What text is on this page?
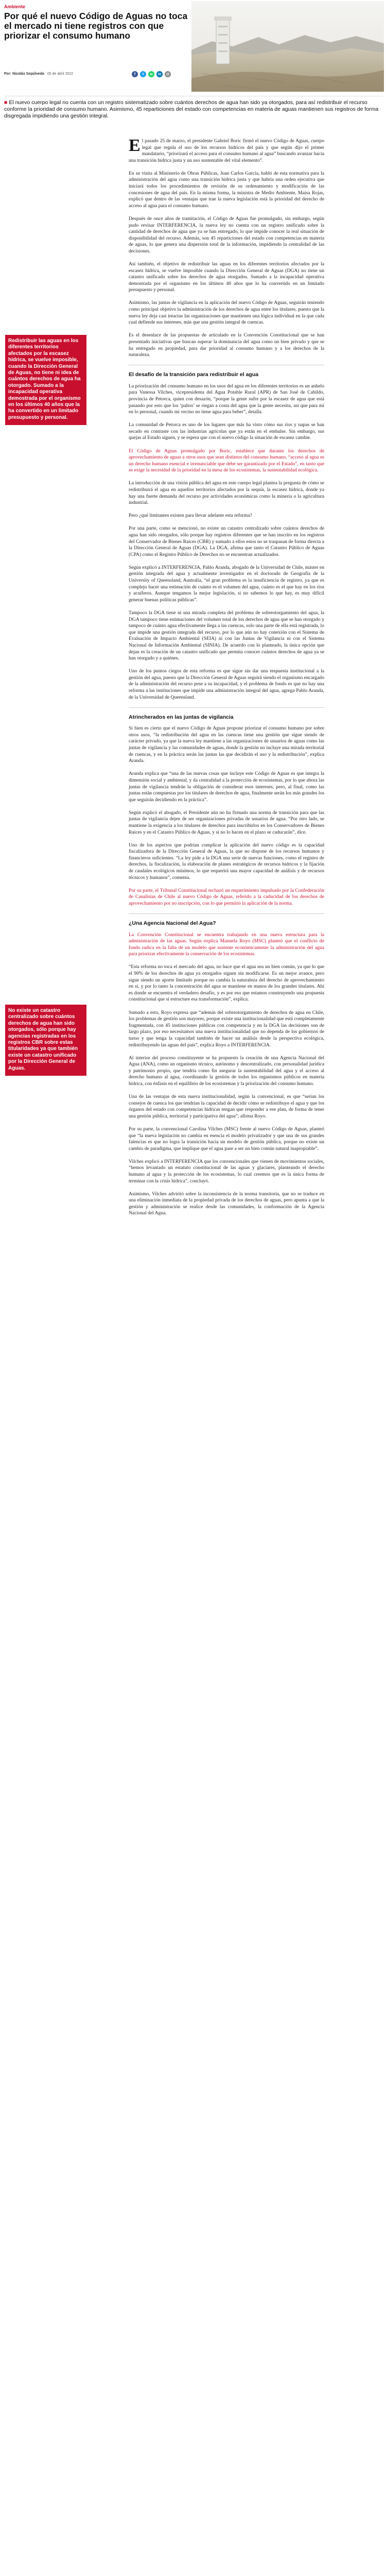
Ambiente
Por qué el nuevo Código de Aguas no toca el mercado ni tiene registros con que priorizar el consumo humano
Por: Nicolás Sepúlveda 05 de abril 2022	f	t	w	in	@
■ El nuevo cuerpo legal no cuenta con un registro sistematizado sobre cuántos derechos de agua han sido ya otorgados, para así redistribuir el recurso conforme la prioridad de consumo humano. Asimismo, 45 reparticiones del estado con competencias en materia de aguas mantienen sus registros de forma disgregada impidiendo una gestión integral.
Redistribuir las aguas en los diferentes territorios afectados por la escasez hídrica, se vuelve imposible, cuando la Dirección General de Aguas, no tiene ni idea de cuántos derechos de agua ha otorgado. Sumado a la incapacidad operativa demostrada por el organismo en los últimos 40 años que la ha convertido en un limitado presupuesto y personal.
No existe un catastro centralizado sobre cuántos derechos de agua han sido otorgados, sólo porque hay agencias registradas en los registros CBR sobre estas titularidades ya que también existe un catastro unificado por la Dirección General de Aguas.

El pasado 25 de marzo, el presidente Gabriel Boric firmó el nuevo Código de Aguas, cuerpo legal que regula el uso de los recursos hídricos del país y que según dijo el primer mandatario, “priorizará el acceso para el consumo humano al agua” buscando avanzar hacia una transición hídrica justa y un uso sustentable del vital elemento”.

En su visita al Ministerio de Obras Públicas, Juan Carlos García, habló de esta normativa para la administración del agua como una transición hídrica justa y que habría una orden ejecutiva que iniciará todos los procedimientos de revisión de su ordenamiento y modificación de las concesiones de agua del país. En la misma forma, la ministra de Medio Ambiente, Maisa Rojas, explicó que dentro de las ventajas que trae la nueva legislación está la prioridad del derecho de acceso al agua para el consumo humano.

Después de once años de tramitación, el Código de Aguas fue promulgado, sin embargo, según pudo revisar INTERFERENCIA, la nueva ley no cuenta con un registro unificado sobre la cantidad de derechos de agua que ya se han entregado, lo que impide conocer la real situación de disponibilidad del recurso. Además, son 45 reparticiones del estado con competencias en materia de aguas, lo que genera una dispersión total de la información, impidiendo la centralidad de las decisiones.

Así también, el objetivo de redistribuir las aguas en los diferentes territorios afectados por la escasez hídrica, se vuelve imposible cuando la Dirección General de Aguas (DGA) no tiene un catastro unificado sobre los derechos de agua otorgados. Sumado a la incapacidad operativa demostrada por el organismo en los últimos 40 años que lo ha convertido en un limitado presupuesto y personal.

Asimismo, las juntas de vigilancia en la aplicación del nuevo Código de Aguas, seguirán teniendo como principal objetivo la administración de los derechos de agua entre los titulares, puesto que la nueva ley deja casi intactas las organizaciones que mantienen una lógica individual en la que cada cual defiende sus intereses, más que una gestión integral de cuencas.

Es el desenlace de las propuestas de articulado en la Convención Constitucional que se han presentado iniciativas que buscan superar la dominancia del agua como un bien privado y que se ha entregado en propiedad, para dar prioridad al consumo humano y a los derechos de la naturaleza.

El desafío de la transición para redistribuir el agua

La priorización del consumo humano en los usos del agua en los diferentes territorios es un anhelo para Vanessa Vilches, vicepresidenta del Agua Potable Rural (APR) de San José de Cabildo, provincia de Petorca, quien con desazón, “porque la gente sufre por la escasez de agua que está pasando por esto que los ‘paltos’ se riegan a costa del agua que la gente necesita, así que para mí en lo personal, cuando mi vecino no tiene agua para beber”, detalla.

La comunidad de Petorca es uno de los lugares que más ha visto cómo sus ríos y napas se han secado en contraste con las industrias agrícolas que ya están en el embalse. Sin embargo, sus quejas al Estado siguen, y se espera que con el nuevo código la situación de escasez cambie.

El Código de Aguas promulgado por Boric, establece que durante los derechos de aprovechamiento de aguas a otros usos que sean distintos del consumo humano, “acceso al agua es un derecho humano esencial e irrenunciable que debe ser garantizado por el Estado”, en tanto que se exige la necesidad de la prioridad en la mesa de los ecosistemas, la sustentabilidad ecológica.

La introducción de una visión pública del agua en este cuerpo legal plantea la pregunta de cómo se redistribuirá el agua en aquellos territorios afectados por la sequía, la escasez hídrica, donde ya hay una fuerte demanda del recurso por actividades económicas como la minería o la agricultura industrial.

Pero ¿qué limitantes existen para llevar adelante esta reforma?

Por una parte, como se mencionó, no existe un catastro centralizado sobre cuántos derechos de agua han sido otorgados, sólo porque hay registros diferentes que se han inscrito en los registros del Conservador de Bienes Raíces (CBR) y sumado a ellos estos no se traspasan de forma directa a la Dirección General de Aguas (DGA). La DGA, afirma que tanto el Catastro Público de Aguas (CPA) como el Registro Público de Derechos no se encuentran actualizados.

Según explicó a INTERFERENCIA, Pablo Aranda, abogado de la Universidad de Chile, máster en gestión integrada del agua y actualmente investigador en el doctorado de Geografía de la University of Queensland, Australia, “el gran problema es la insuficiencia de registro, ya que es complejo hacer una estimación de cuánto es el volumen del agua, cuánto es el que hay en los ríos y acuíferos. Aunque tengamos la mejor legislación, si no sabemos lo que hay, es muy difícil generar buenas políticas públicas”.

Tampoco la DGA tiene ni una mirada completa del problema de sobreotorgamiento del agua, la DGA tampoco tiene estimaciones del volumen total de los derechos de agua que se han otorgado y tampoco de cuánto agua efectivamente llega a las cuencas, solo una parte de ella está registrada, lo que impide una gestión integrada del recurso, por lo que aún no hay conexión con el Sistema de Evaluación de Impacto Ambiental (SEIA) ni con las Juntas de Vigilancia ni con el Sistema Nacional de Información Ambiental (SINIA). De acuerdo con lo planteado, la única opción que dejan es la creación de un catastro unificado que permita conocer cuántos derechos de agua ya se han otorgado y a quiénes.

Uno de los puntos ciegos de esta reforma es que sigue sin dar una respuesta institucional a la gestión del agua, puesto que la Dirección General de Aguas seguirá siendo el organismo encargado de la administración del recurso pese a su incapacidad, y el problema de fondo es que no hay una reforma a las instituciones que impide una administración integral del agua, agrega Pablo Aranda, de la Universidad de Queensland.

Atrincherados en las juntas de vigilancia

Si bien es cierto que el nuevo Código de Aguas propone priorizar el consumo humano por sobre otros usos, “la redistribución del agua en las cuencas tiene una gestión que sigue siendo de carácter privado, ya que la nueva ley mantiene a las organizaciones de usuarios de aguas como las juntas de vigilancia y las comunidades de aguas, donde la gestión no incluye una mirada territorial de cuencas, y en la práctica serán las juntas las que decidirán el uso y la redistribución”, explica Aranda.

Aranda explica que “una de las nuevas cosas que incluye este Código de Aguas es que integra la dimensión social y ambiental, y da centralidad a la protección de ecosistemas, por lo que ahora las juntas de vigilancia tendrán la obligación de considerar esos intereses, pero, al final, como las juntas están compuestas por los titulares de derechos de agua, finalmente serán los más grandes los que seguirán decidiendo en la práctica”.

Según explicó el abogado, el Presidente aún no ha firmado una norma de transición para que las juntas de vigilancia dejen de ser organizaciones privadas de usuarios de agua. “Por otro lado, se mantiene la exigencia a los titulares de derechos para inscribirlos en los Conservadores de Bienes Raíces y en el Catastro Público de Aguas, y si no lo hacen en el plazo se caducarán”, dice.

Uno de los aspectos que podrían complicar la aplicación del nuevo código es la capacidad fiscalizadora de la Dirección General de Aguas, la que no dispone de los recursos humanos y financieros suficientes. “La ley pide a la DGA una serie de nuevas funciones, como el registro de derechos, la fiscalización, la elaboración de planes estratégicos de recursos hídricos y la fijación de caudales ecológicos mínimos, lo que requerirá una mayor capacidad de análisis y de recursos técnicos y humanos”, comenta.

Por su parte, el Tribunal Constitucional rechazó un requerimiento impulsado por la Confederación de Canalistas de Chile al nuevo Código de Aguas, referido a la caducidad de los derechos de aprovechamiento por no inscripción, con lo que permitió la aplicación de la norma.

¿Una Agencia Nacional del Agua?

La Convención Constitucional se encuentra trabajando en una nueva estructura para la administración de las aguas. Según explica Manuela Royo (MSC) planteó que el conflicto de fondo radica en la falta de un modelo que sustente económicamente la administración del agua para priorizar efectivamente la conservación de los ecosistemas.

“Esta reforma no toca el mercado del agua, no hace que el agua sea un bien común, ya que lo que el 90% de los derechos de agua ya otorgados siguen sin modificarse. Es un mejor avance, pero sigue siendo un aporte limitado porque no cambia la naturaleza del derecho de aprovechamiento en sí, y por lo tanto la concentración del agua se mantiene en manos de los grandes titulares. Ahí es donde se encuentra el verdadero desafío, y es por eso que estamos construyendo una propuesta constitucional que sí estructure esa transformación”, explica.

Sumado a esto, Royo expresa que “además del sobreotorgamiento de derechos de agua en Chile, los problemas de gestión son mayores, porque existe una institucionalidad que está completamente fragmentada, con 45 instituciones públicas con competencia y en la DGA las decisiones son de largo plazo, por eso necesitamos una nueva institucionalidad que no dependa de los gobiernos de turno y que tenga la capacidad también de hacer un análisis desde la perspectiva ecológica, redistribuyendo las aguas del país”, explica Royo a INTERFERENCIA.

Al interior del proceso constituyente se ha propuesto la creación de una Agencia Nacional del Agua (ANA), como un organismo técnico, autónomo y descentralizado, con personalidad jurídica y patrimonio propio, que tendría como fin asegurar la sustentabilidad del agua y el acceso al derecho humano al agua, coordinando la gestión de todos los organismos públicos en materia hídrica, con énfasis en el equilibrio de los ecosistemas y la priorización del consumo humano.

Una de las ventajas de esta nueva institucionalidad, según la convencional, es que “serían los consejos de cuenca los que tendrían la capacidad de decidir cómo se redistribuye el agua y que los órganos del estado con competencias hídricas tengan que responder a ese plan, de forma de tener una gestión pública, territorial y participativa del agua”, afirma Royo.

Por su parte, la convencional Carolina Vilches (MSC) frente al nuevo Código de Aguas, planteó que “la nueva legislación no cambia en esencia el modelo privatizador y que una de sus grandes falencias es que no logra la transición hacia un modelo de gestión pública, porque no existe un cambio de paradigma, que implique que el agua pase a ser un bien común natural inapropiable”.

Vilches explicó a INTERFERENCIA que los convencionales que vienen de movimientos sociales, “hemos levantado un estatuto constitucional de las aguas y glaciares, planteando el derecho humano al agua y la protección de los ecosistemas, lo cual creemos que es la única forma de terminar con la crisis hídrica”, concluyó.

Asimismo, Vilches advirtió sobre la inconsistencia de la norma transitoria, que no se traduce en una eliminación inmediata de la propiedad privada de los derechos de aguas, pero apunta a que la gestión y administración se realice desde las comunidades, la conformación de la Agencia Nacional del Agua.
